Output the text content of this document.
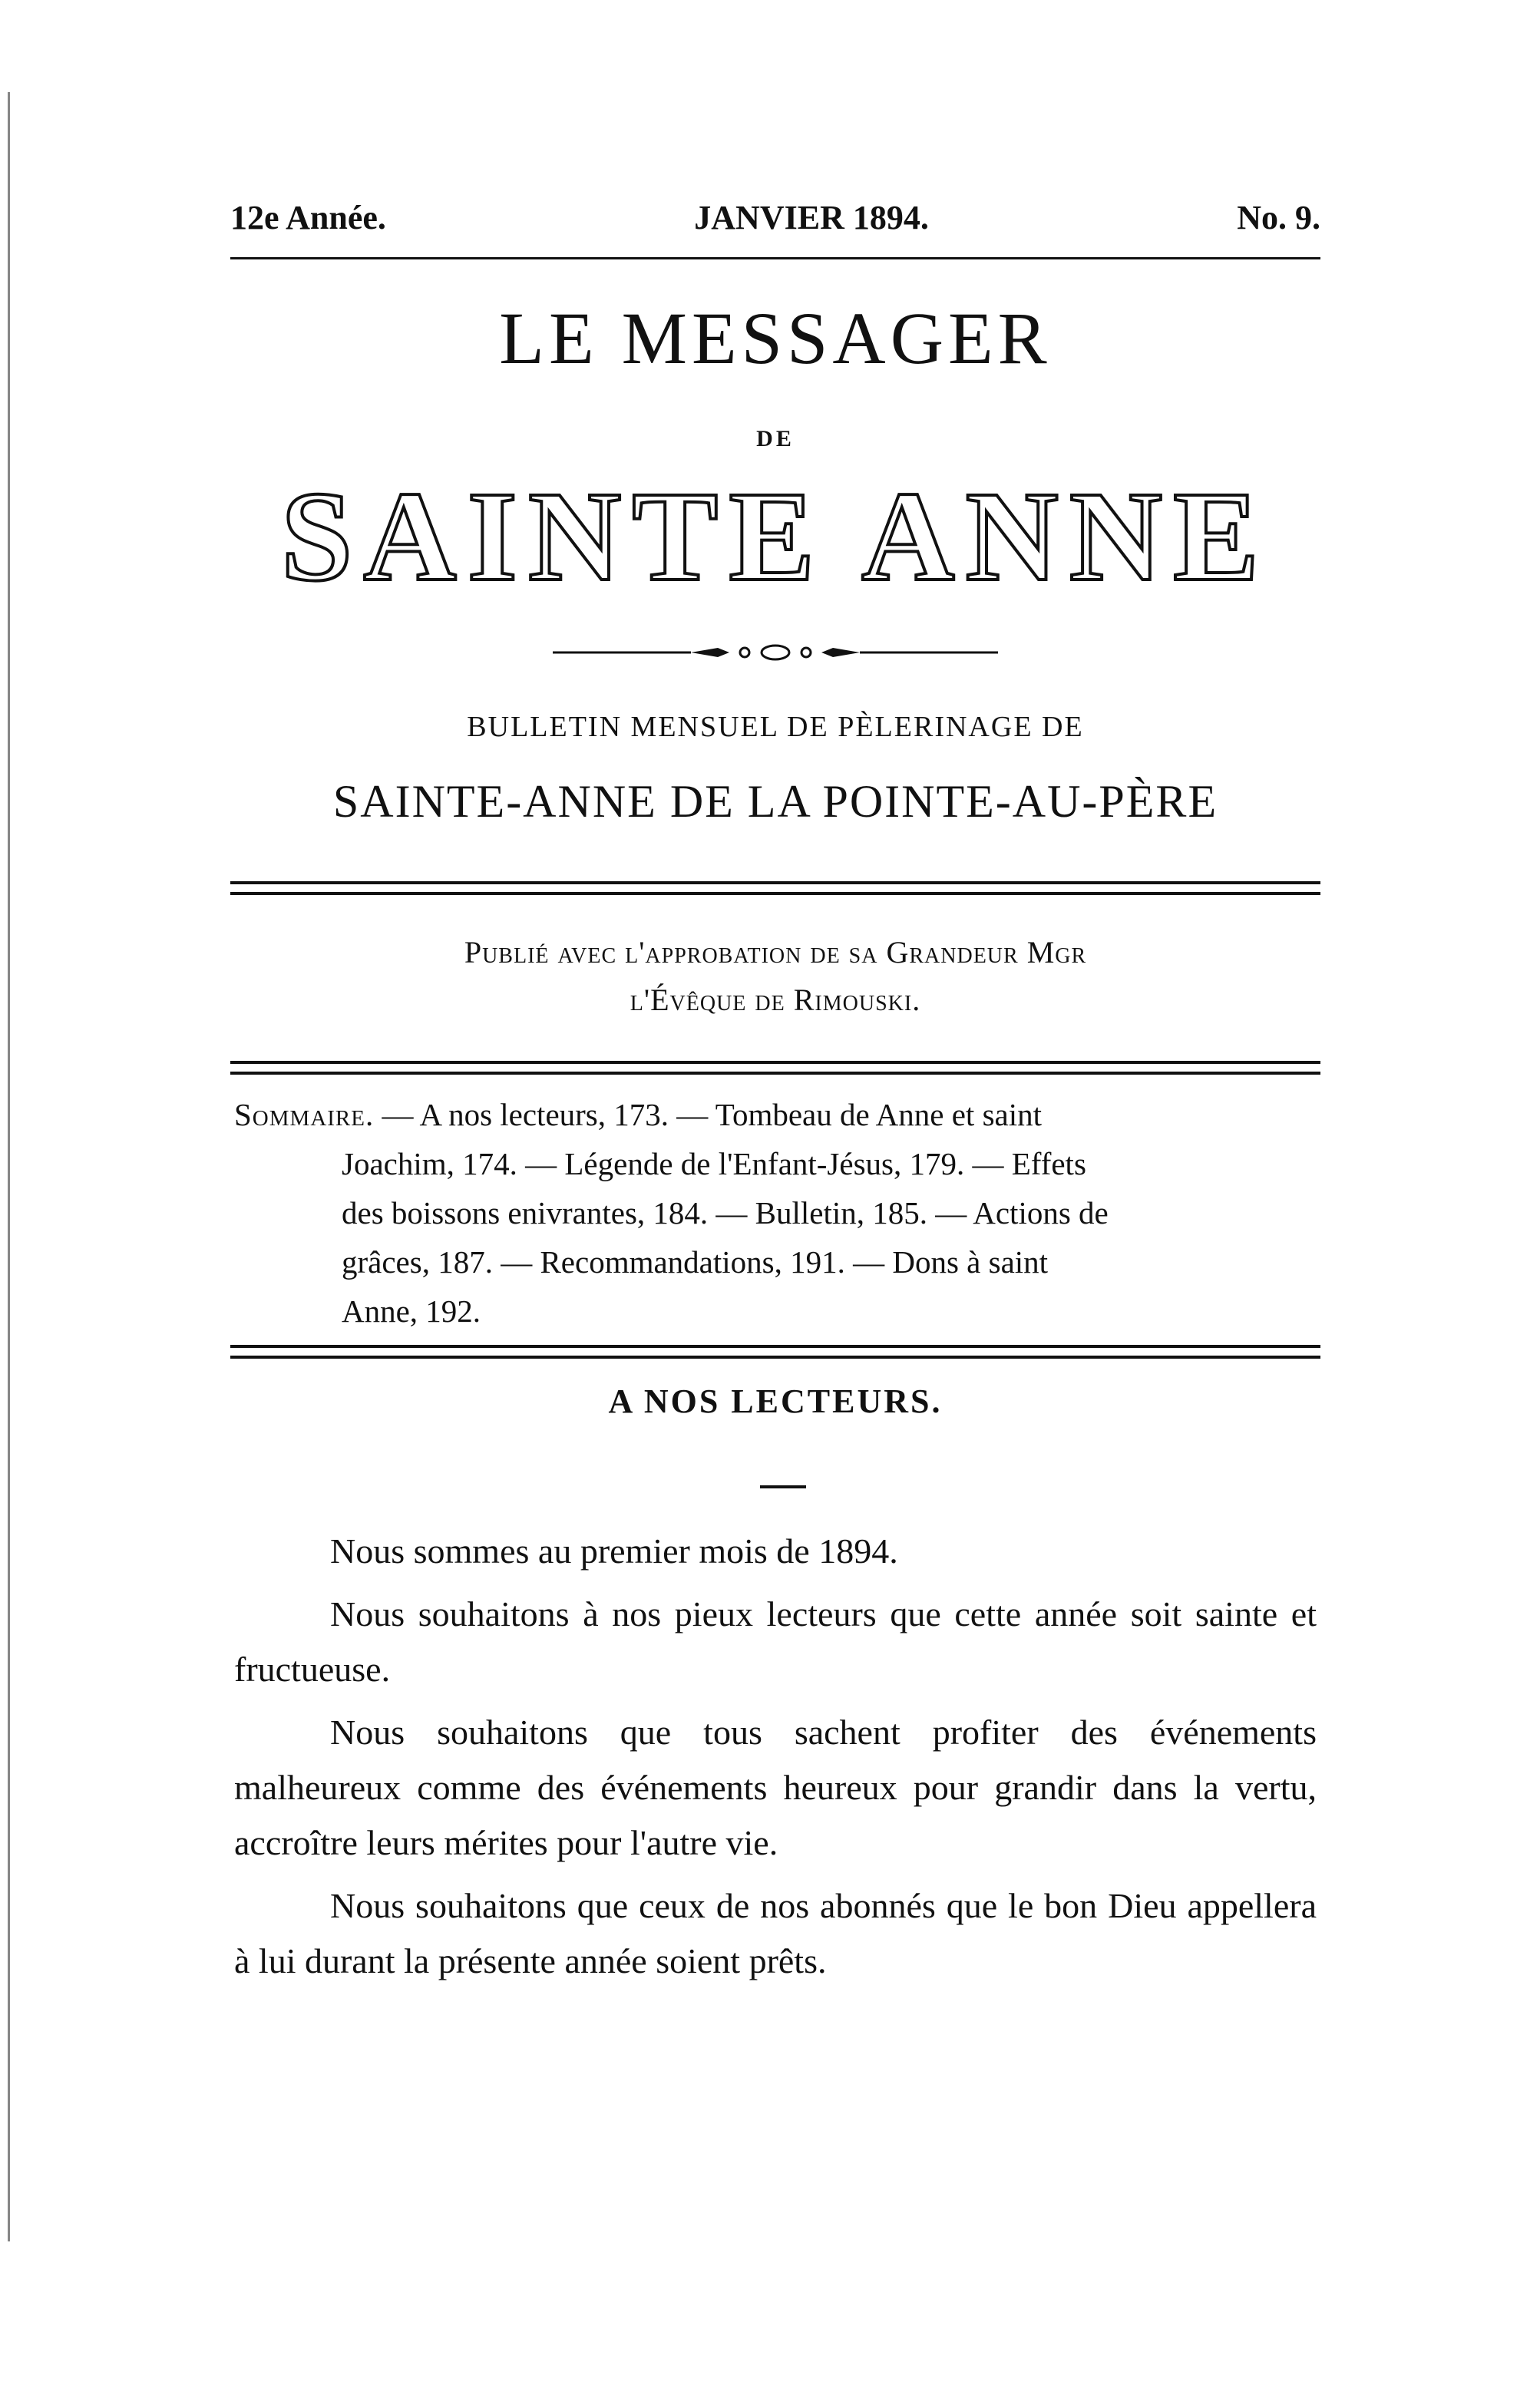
12e Année.	JANVIER 1894.	No. 9.
LE MESSAGER
DE
SAINTE ANNE
BULLETIN MENSUEL DE PÈLERINAGE DE
SAINTE-ANNE DE LA POINTE-AU-PÈRE
Publié avec l'approbation de sa Grandeur Mgr
l'Évêque de Rimouski.
Sommaire. — A nos lecteurs, 173. — Tombeau de Anne et saint
Joachim, 174. — Légende de l'Enfant-Jésus, 179. — Effets
des boissons enivrantes, 184. — Bulletin, 185. — Actions de
grâces, 187. — Recommandations, 191. — Dons à saint
Anne, 192.
A NOS LECTEURS.

Nous sommes au premier mois de 1894.

Nous souhaitons à nos pieux lecteurs que cette année soit sainte et fructueuse.

Nous souhaitons que tous sachent profiter des événements malheureux comme des événements heureux pour grandir dans la vertu, accroître leurs mérites pour l'autre vie.

Nous souhaitons que ceux de nos abonnés que le bon Dieu appellera à lui durant la présente année soient prêts.
